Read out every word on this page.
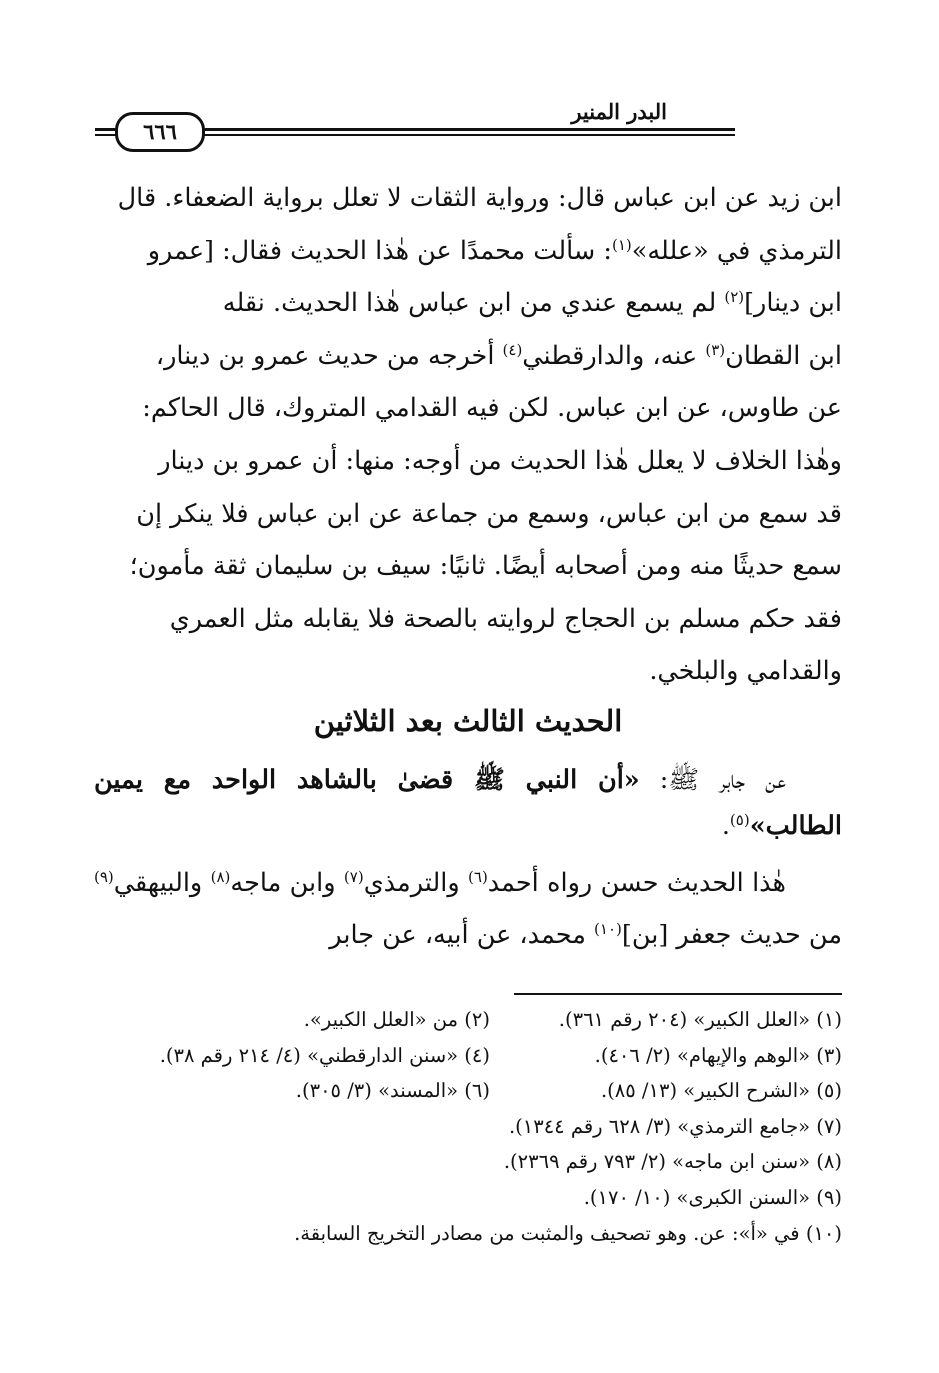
٦٦٦
البدر المنير

ابن زيد عن ابن عباس قال: ورواية الثقات لا تعلل برواية الضعفاء. قال

الترمذي في «علله»$^{(١)}$: سألت محمدًا عن هٰذا الحديث فقال: [عمرو

ابن دينار]$^{(٢)}$ لم يسمع عندي من ابن عباس هٰذا الحديث. نقله

ابن القطان$^{(٣)}$ عنه، والدارقطني$^{(٤)}$ أخرجه من حديث عمرو بن دينار،

عن طاوس، عن ابن عباس. لكن فيه القدامي المتروك، قال الحاكم:

وهٰذا الخلاف لا يعلل هٰذا الحديث من أوجه: منها: أن عمرو بن دينار

قد سمع من ابن عباس، وسمع من جماعة عن ابن عباس فلا ينكر إن

سمع حديثًا منه ومن أصحابه أيضًا. ثانيًا: سيف بن سليمان ثقة مأمون؛

فقد حكم مسلم بن الحجاج لروايته بالصحة فلا يقابله مثل العمري

والقدامي والبلخي.

الحديث الثالث بعد الثلاثين

عن جابر ﷺ: «أن النبي ﷺ قضىٰ بالشاهد الواحد مع يمين الطالب»$^{(٥)}$.

هٰذا الحديث حسن رواه أحمد$^{(٦)}$ والترمذي$^{(٧)}$ وابن ماجه$^{(٨)}$ والبيهقي$^{(٩)}$ من حديث جعفر [بن]$^{(١٠)}$ محمد، عن أبيه، عن جابر

(١) «العلل الكبير» (٢٠٤ رقم ٣٦١).
(٢) من «العلل الكبير».
(٣) «الوهم والإيهام» (٢/ ٤٠٦).
(٤) «سنن الدارقطني» (٤/ ٢١٤ رقم ٣٨).
(٥) «الشرح الكبير» (١٣/ ٨٥).
(٦) «المسند» (٣/ ٣٠٥).
(٧) «جامع الترمذي» (٣/ ٦٢٨ رقم ١٣٤٤).
(٨) «سنن ابن ماجه» (٢/ ٧٩٣ رقم ٢٣٦٩).
(٩) «السنن الكبرى» (١٠/ ١٧٠).
(١٠) في «أ»: عن. وهو تصحيف والمثبت من مصادر التخريج السابقة.
